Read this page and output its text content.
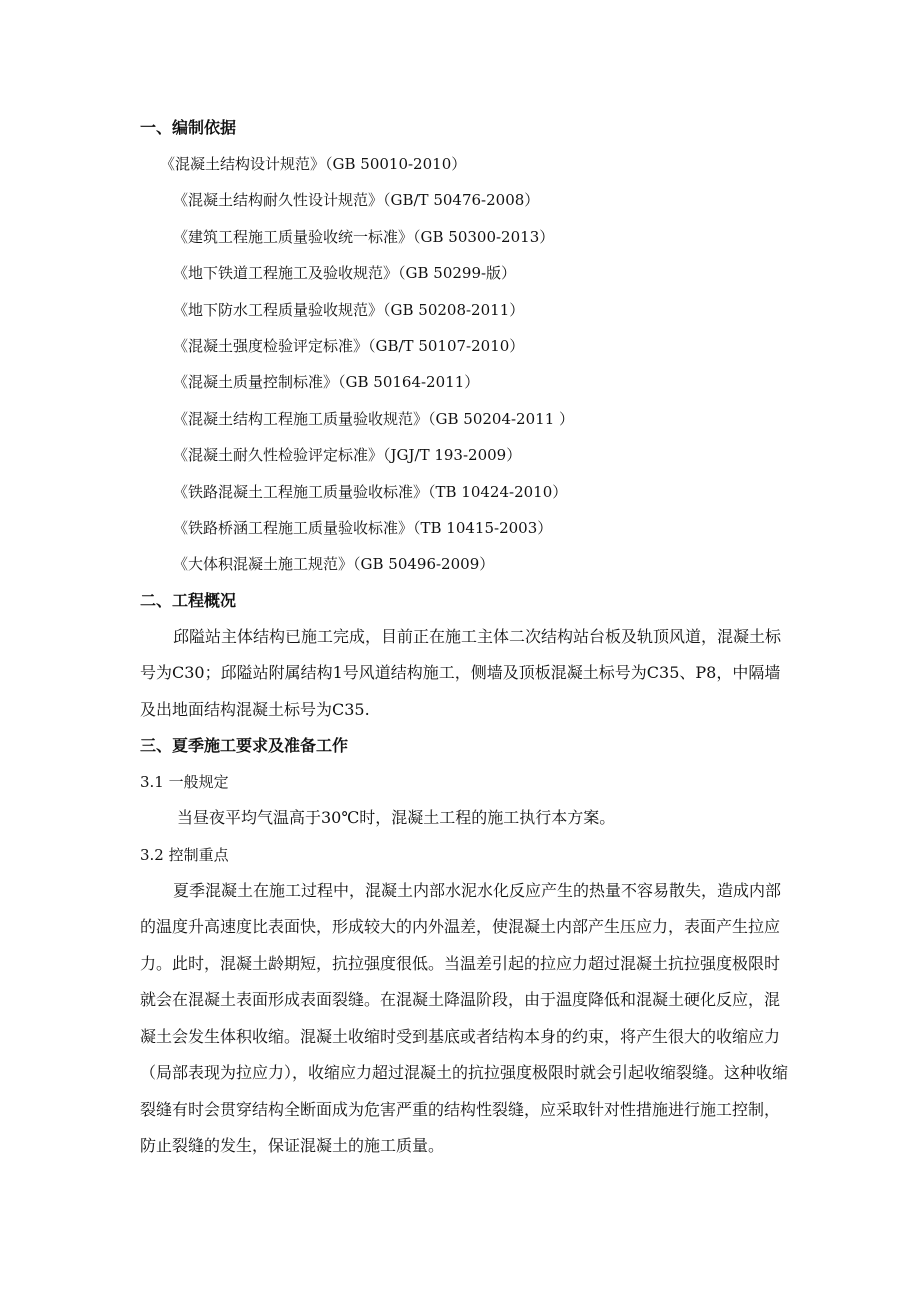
一、编制依据
《混凝土结构设计规范》（GB 50010-2010）
《混凝土结构耐久性设计规范》（GB/T 50476-2008）
《建筑工程施工质量验收统一标准》（GB 50300-2013）
《地下铁道工程施工及验收规范》（GB 50299-版）
《地下防水工程质量验收规范》（GB 50208-2011）
《混凝土强度检验评定标准》（GB/T 50107-2010）
《混凝土质量控制标准》（GB 50164-2011）
《混凝土结构工程施工质量验收规范》（GB 50204-2011 ）
《混凝土耐久性检验评定标准》（JGJ/T 193-2009）
《铁路混凝土工程施工质量验收标准》（TB 10424-2010）
《铁路桥涵工程施工质量验收标准》（TB 10415-2003）
《大体积混凝土施工规范》（GB 50496-2009）
二、工程概况

邱隘站主体结构已施工完成，目前正在施工主体二次结构站台板及轨顶风道，混凝土标号为C30；邱隘站附属结构1号风道结构施工，侧墙及顶板混凝土标号为C35、P8，中隔墙及出地面结构混凝土标号为C35.

三、夏季施工要求及准备工作
3.1 一般规定

当昼夜平均气温高于30℃时，混凝土工程的施工执行本方案。

3.2 控制重点

夏季混凝土在施工过程中，混凝土内部水泥水化反应产生的热量不容易散失，造成内部的温度升高速度比表面快，形成较大的内外温差，使混凝土内部产生压应力，表面产生拉应力。此时，混凝土龄期短，抗拉强度很低。当温差引起的拉应力超过混凝土抗拉强度极限时就会在混凝土表面形成表面裂缝。在混凝土降温阶段，由于温度降低和混凝土硬化反应，混凝土会发生体积收缩。混凝土收缩时受到基底或者结构本身的约束，将产生很大的收缩应力（局部表现为拉应力），收缩应力超过混凝土的抗拉强度极限时就会引起收缩裂缝。这种收缩裂缝有时会贯穿结构全断面成为危害严重的结构性裂缝，应采取针对性措施进行施工控制，防止裂缝的发生，保证混凝土的施工质量。
